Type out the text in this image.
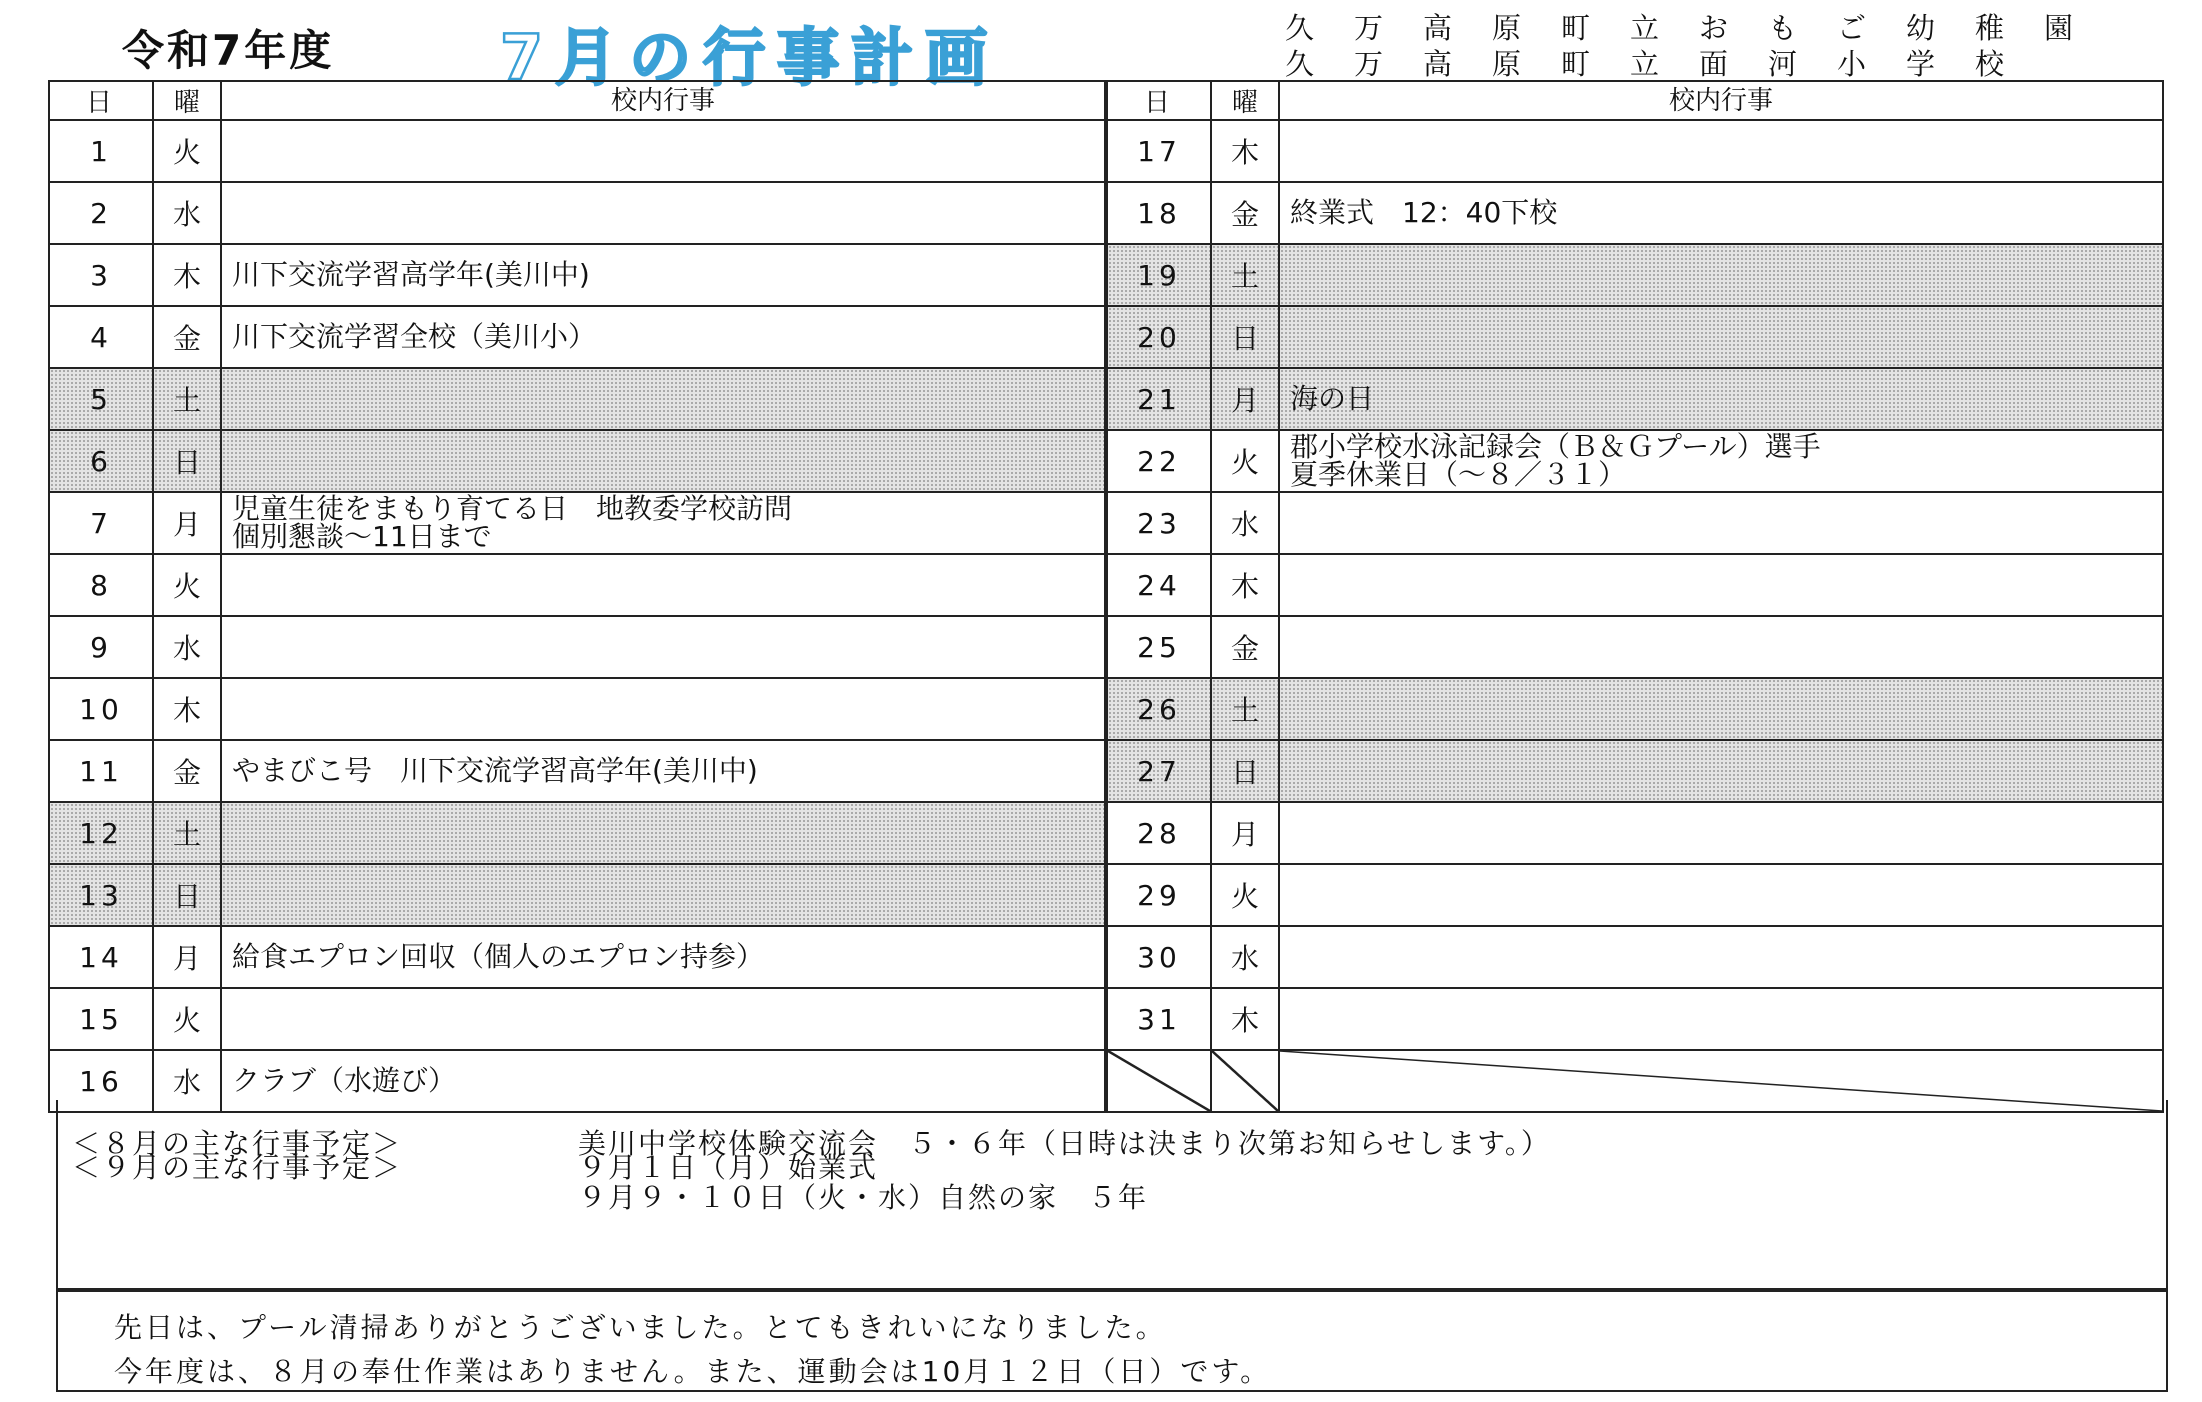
令和7年度	7月の行事計画	久万高原町立おもご幼稚園
久万高原町立面河小学校
日	曜	校内行事
1	火	

2	水	

3	木	川下交流学習高学年(美川中)

4	金	川下交流学習全校（美川小）

5	土	

6	日	

7	月	児童生徒をまもり育てる日　地教委学校訪問
個別懇談～11日まで

8	火	

9	水	

10	木	

11	金	やまびこ号　川下交流学習高学年(美川中)

12	土	

13	日	

14	月	給食エプロン回収（個人のエプロン持参）

15	火	

16	水	クラブ（水遊び）
日	曜	校内行事
17	木	

18	金	終業式　12：40下校

19	土	

20	日	

21	月	海の日

22	火	郡小学校水泳記録会（Ｂ＆Ｇプール）選手
夏季休業日（～８／３１）

23	水	

24	木	

25	金	

26	土	

27	日	

28	月	

29	火	

30	水	

31	木	

＜８月の主な行事予定＞	美川中学校体験交流会　５・６年（日時は決まり次第お知らせします。）
＜９月の主な行事予定＞	９月１日（月）始業式
９月９・１０日（火・水）自然の家　５年
先日は、プール清掃ありがとうございました。とてもきれいになりました。
今年度は、８月の奉仕作業はありません。また、運動会は10月１２日（日）です。
